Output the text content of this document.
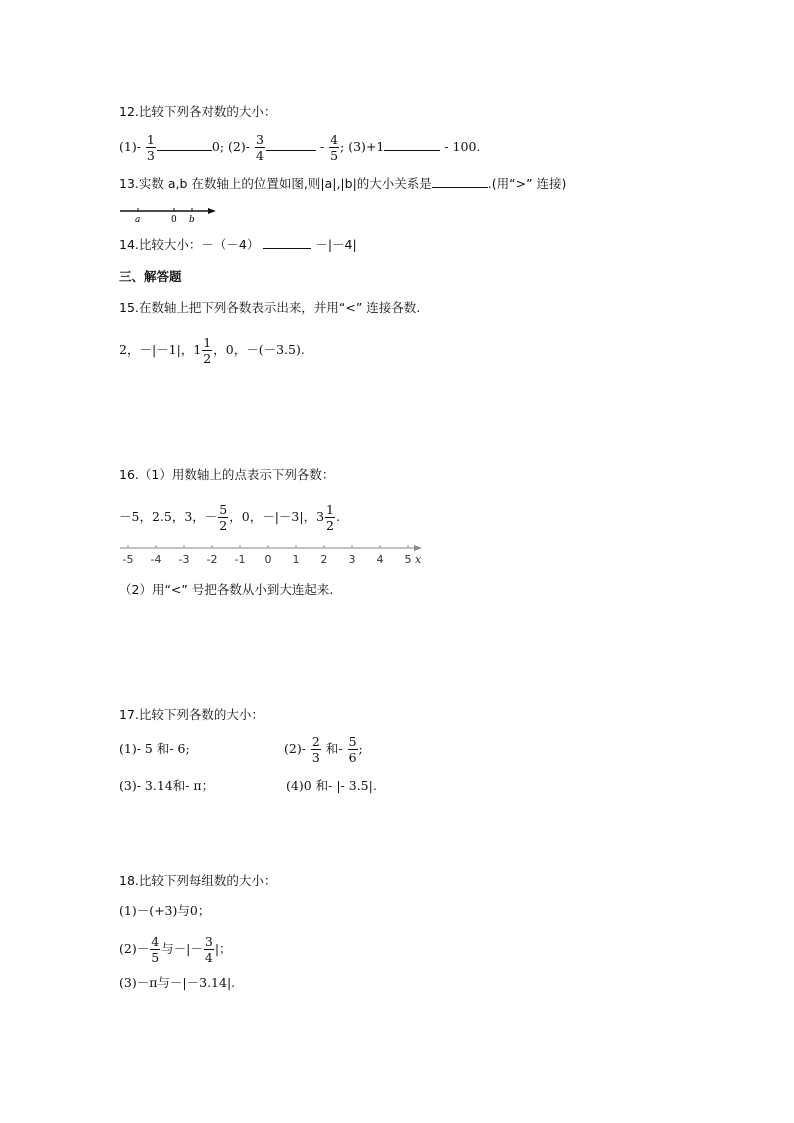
12.比较下列各对数的大小：
$(1)- \frac{1}{3}$	0; $(2)- \frac{3}{4}$	- $\frac{4}{5}$ ; (3)+1	- 100.
13.实数 a,b 在数轴上的位置如图,则|a|,|b|的大小关系是	.(用“>” 连接)
a	0 b
14.比较大小：－（－4）	－|－4|
三、解答题
15.在数轴上把下列各数表示出来，并用“<” 连接各数.
2，－|－1|，$1 \frac{1}{2}$ ，0，－(－3.5).
16.（1）用数轴上的点表示下列各数：
－5，2.5，3，－ $\frac{5}{2}$ ，0，－|－3|，$3 \frac{1}{2}$ .
-5 -4 -3 -2 -1 0 1 2 3 4 5 x
（2）用“<” 号把各数从小到大连起来.
17.比较下列各数的大小：
(1)- 5 和- 6;	$(2)- \frac{2}{3}$ 和- $\frac{5}{6}$ ;
(3)- 3.14和- π；	(4)0 和- |- 3.5|.
18.比较下列每组数的大小：
(1)－(+3)与0；
$(2)- \frac{4}{5}$ 与－|－ $\frac{3}{4}$ |；
(3)－π与－|－3.14|.
